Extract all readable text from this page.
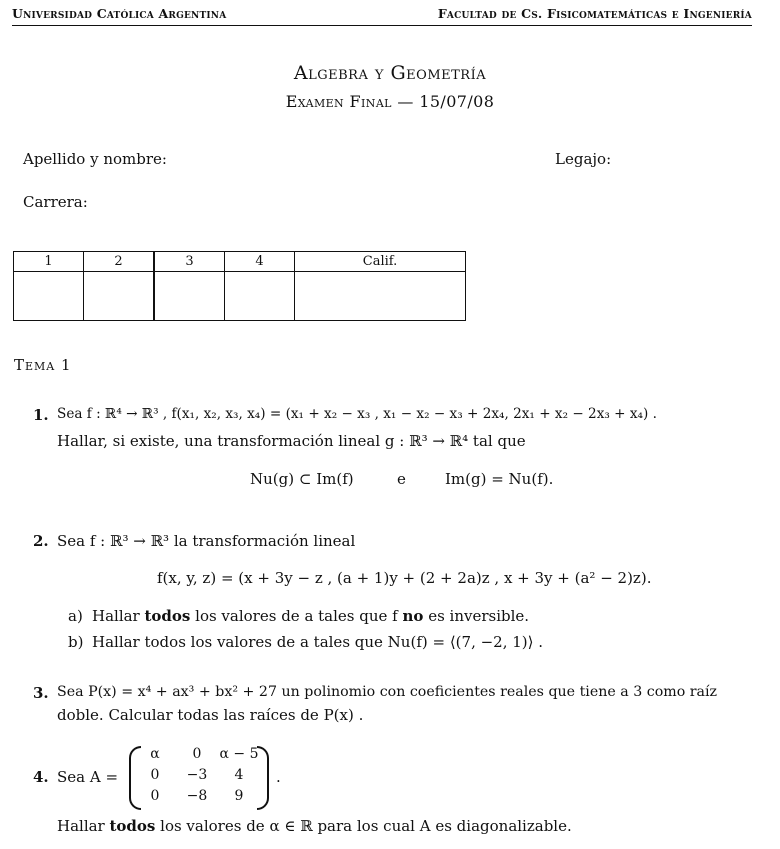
Universidad Católica Argentina	Facultad de Cs. Fisicomatemáticas e Ingeniería
Algebra y Geometría
Examen Final — 15/07/08
Apellido y nombre:	Legajo:
Carrera:
1	2	3	4	Calif.

Tema 1
1. Sea f : ℝ⁴ → ℝ³ , f(x₁, x₂, x₃, x₄) = (x₁ + x₂ − x₃ , x₁ − x₂ − x₃ + 2x₄, 2x₁ + x₂ − 2x₃ + x₄) .
Hallar, si existe, una transformación lineal g : ℝ³ → ℝ⁴ tal que
Nu(g) ⊂ Im(f)	e	Im(g) = Nu(f).
2. Sea f : ℝ³ → ℝ³ la transformación lineal
f(x, y, z) = (x + 3y − z , (a + 1)y + (2 + 2a)z , x + 3y + (a² − 2)z).
a) Hallar todos los valores de a tales que f no es inversible.
b) Hallar todos los valores de a tales que Nu(f) = ⟨(7, −2, 1)⟩ .
3. Sea P(x) = x⁴ + ax³ + bx² + 27 un polinomio con coeficientes reales que tiene a 3 como raíz
doble. Calcular todas las raíces de P(x) .
4. Sea A =
α	0	α − 5
0	−3	4
0	−8	9
.
Hallar todos los valores de α ∈ ℝ para los cual A es diagonalizable.
